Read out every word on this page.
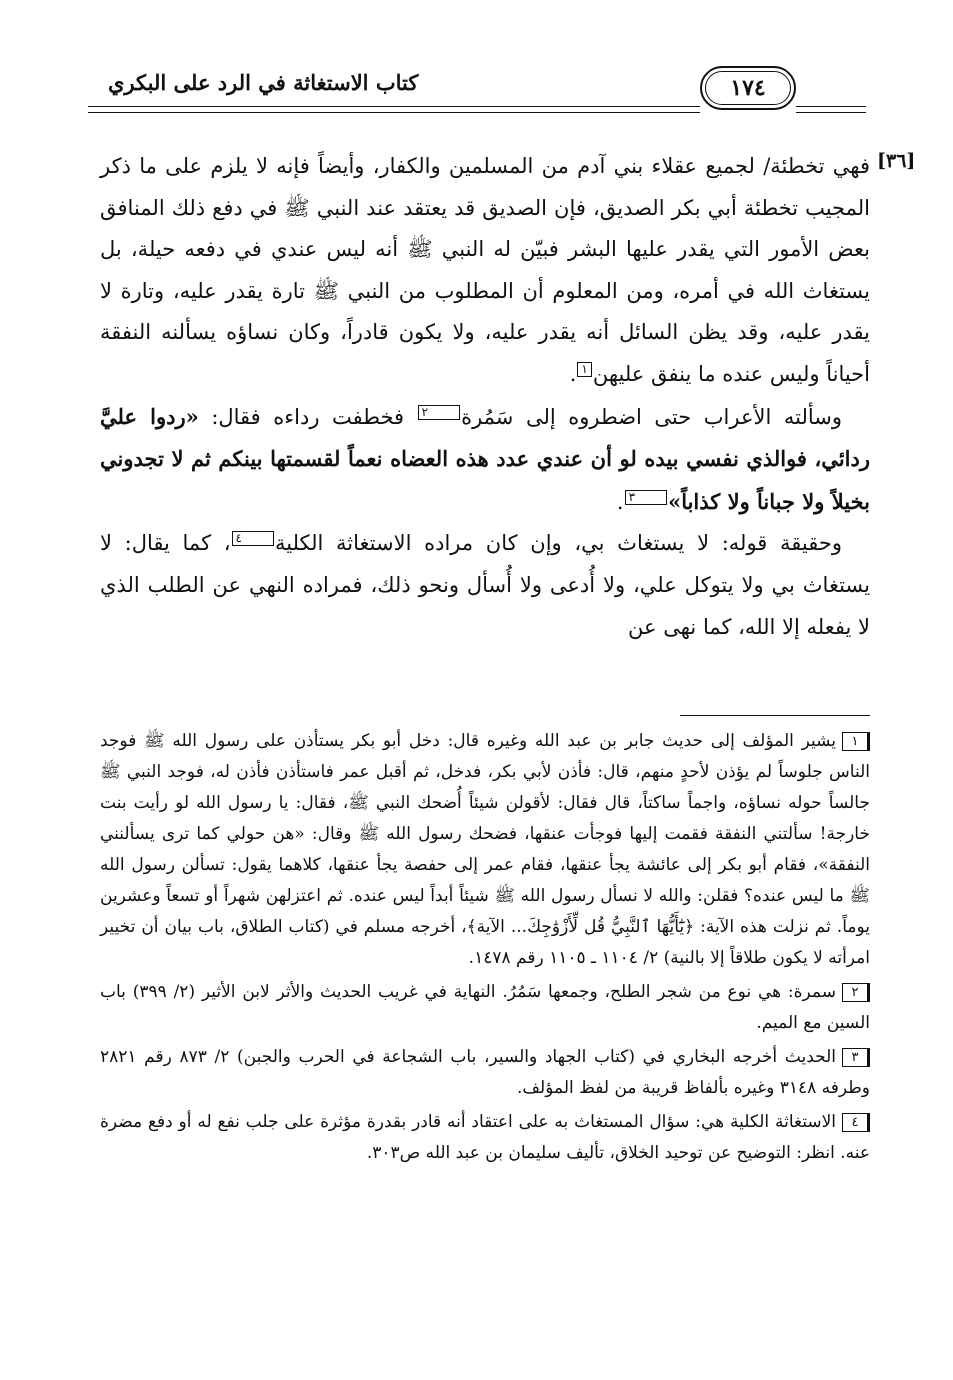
كتاب الاستغاثة في الرد على البكري	١٧٤
[٣٦]

فهي تخطئة/ لجميع عقلاء بني آدم من المسلمين والكفار، وأيضاً فإنه لا يلزم على ما ذكر المجيب تخطئة أبي بكر الصديق، فإن الصديق قد يعتقد عند النبي ﷺ في دفع ذلك المنافق بعض الأمور التي يقدر عليها البشر فبيّن له النبي ﷺ أنه ليس عندي في دفعه حيلة، بل يستغاث الله في أمره، ومن المعلوم أن المطلوب من النبي ﷺ تارة يقدر عليه، وتارة لا يقدر عليه، وقد يظن السائل أنه يقدر عليه، ولا يكون قادراً، وكان نساؤه يسألنه النفقة أحياناً وليس عنده ما ينفق عليهن١.

وسألته الأعراب حتى اضطروه إلى سَمُرة٢ فخطفت رداءه فقال: «ردوا عليَّ ردائي، فوالذي نفسي بيده لو أن عندي عدد هذه العضاه نعماً لقسمتها بينكم ثم لا تجدوني بخيلاً ولا جباناً ولا كذاباً»٣.

وحقيقة قوله: لا يستغاث بي، وإن كان مراده الاستغاثة الكلية٤، كما يقال: لا يستغاث بي ولا يتوكل علي، ولا أُدعى ولا أُسأل ونحو ذلك، فمراده النهي عن الطلب الذي لا يفعله إلا الله، كما نهى عن

١يشير المؤلف إلى حديث جابر بن عبد الله وغيره قال: دخل أبو بكر يستأذن على رسول الله ﷺ فوجد الناس جلوساً لم يؤذن لأحدٍ منهم، قال: فأذن لأبي بكر، فدخل، ثم أقبل عمر فاستأذن فأذن له، فوجد النبي ﷺ جالساً حوله نساؤه، واجماً ساكتاً، قال فقال: لأقولن شيئاً أُضحك النبي ﷺ، فقال: يا رسول الله لو رأيت بنت خارجة! سألتني النفقة فقمت إليها فوجأت عنقها، فضحك رسول الله ﷺ وقال: «هن حولي كما ترى يسألنني النفقة»، فقام أبو بكر إلى عائشة يجأ عنقها، فقام عمر إلى حفصة يجأ عنقها، كلاهما يقول: تسألن رسول الله ﷺ ما ليس عنده؟ فقلن: والله لا نسأل رسول الله ﷺ شيئاً أبداً ليس عنده. ثم اعتزلهن شهراً أو تسعاً وعشرين يوماً. ثم نزلت هذه الآية: ﴿يَٰٓأَيُّهَا ٱلنَّبِيُّ قُل لِّأَزْوَٰجِكَ... الآية﴾، أخرجه مسلم في (كتاب الطلاق، باب بيان أن تخيير امرأته لا يكون طلاقاً إلا بالنية) ٢/ ١١٠٤ ـ ١١٠٥ رقم ١٤٧٨.

٢سمرة: هي نوع من شجر الطلح، وجمعها سَمُرُ. النهاية في غريب الحديث والأثر لابن الأثير (٢/ ٣٩٩) باب السين مع الميم.

٣الحديث أخرجه البخاري في (كتاب الجهاد والسير، باب الشجاعة في الحرب والجبن) ٢/ ٨٧٣ رقم ٢٨٢١ وطرفه ٣١٤٨ وغيره بألفاظ قريبة من لفظ المؤلف.

٤الاستغاثة الكلية هي: سؤال المستغاث به على اعتقاد أنه قادر بقدرة مؤثرة على جلب نفع له أو دفع مضرة عنه. انظر: التوضيح عن توحيد الخلاق، تأليف سليمان بن عبد الله ص٣٠٣.
